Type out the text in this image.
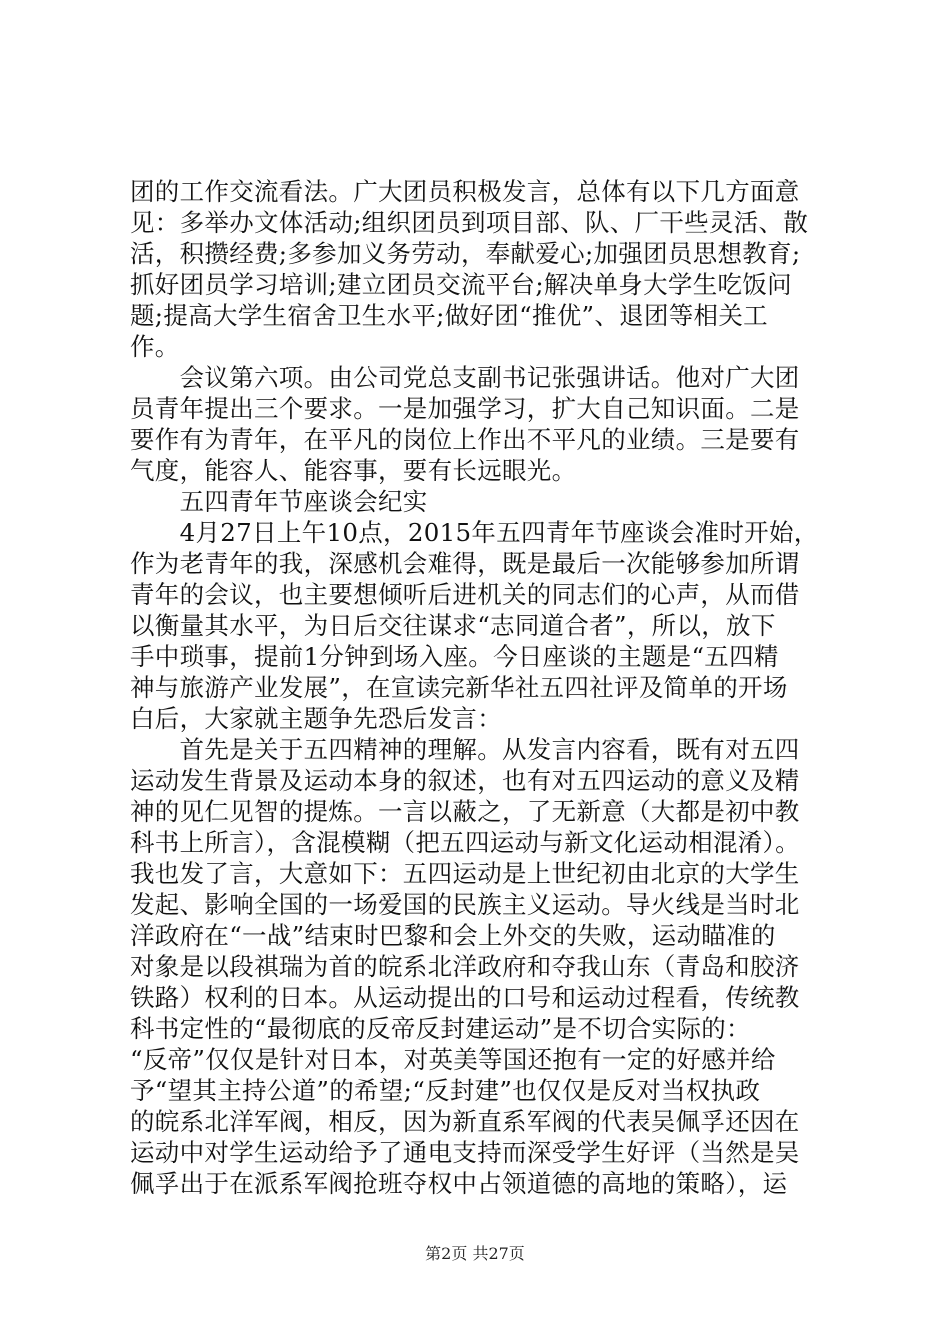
团的工作交流看法。广大团员积极发言，总体有以下几方面意
见：多举办文体活动;组织团员到项目部、队、厂干些灵活、散
活，积攒经费;多参加义务劳动，奉献爱心;加强团员思想教育;
抓好团员学习培训;建立团员交流平台;解决单身大学生吃饭问
题;提高大学生宿舍卫生水平;做好团“推优”、退团等相关工
作。
　　会议第六项。由公司党总支副书记张强讲话。他对广大团
员青年提出三个要求。一是加强学习，扩大自己知识面。二是
要作有为青年，在平凡的岗位上作出不平凡的业绩。三是要有
气度，能容人、能容事，要有长远眼光。
　　五四青年节座谈会纪实
　　4月27日上午10点，2015年五四青年节座谈会准时开始，
作为老青年的我，深感机会难得，既是最后一次能够参加所谓
青年的会议，也主要想倾听后进机关的同志们的心声，从而借
以衡量其水平，为日后交往谋求“志同道合者”，所以，放下
手中琐事，提前1分钟到场入座。今日座谈的主题是“五四精
神与旅游产业发展”，在宣读完新华社五四社评及简单的开场
白后，大家就主题争先恐后发言：
　　首先是关于五四精神的理解。从发言内容看，既有对五四
运动发生背景及运动本身的叙述，也有对五四运动的意义及精
神的见仁见智的提炼。一言以蔽之，了无新意（大都是初中教
科书上所言），含混模糊（把五四运动与新文化运动相混淆）。
我也发了言，大意如下：五四运动是上世纪初由北京的大学生
发起、影响全国的一场爱国的民族主义运动。导火线是当时北
洋政府在“一战”结束时巴黎和会上外交的失败，运动瞄准的
对象是以段祺瑞为首的皖系北洋政府和夺我山东（青岛和胶济
铁路）权利的日本。从运动提出的口号和运动过程看，传统教
科书定性的“最彻底的反帝反封建运动”是不切合实际的：
“反帝”仅仅是针对日本，对英美等国还抱有一定的好感并给
予“望其主持公道”的希望;“反封建”也仅仅是反对当权执政
的皖系北洋军阀，相反，因为新直系军阀的代表吴佩孚还因在
运动中对学生运动给予了通电支持而深受学生好评（当然是吴
佩孚出于在派系军阀抢班夺权中占领道德的高地的策略），运
第2页 共27页
